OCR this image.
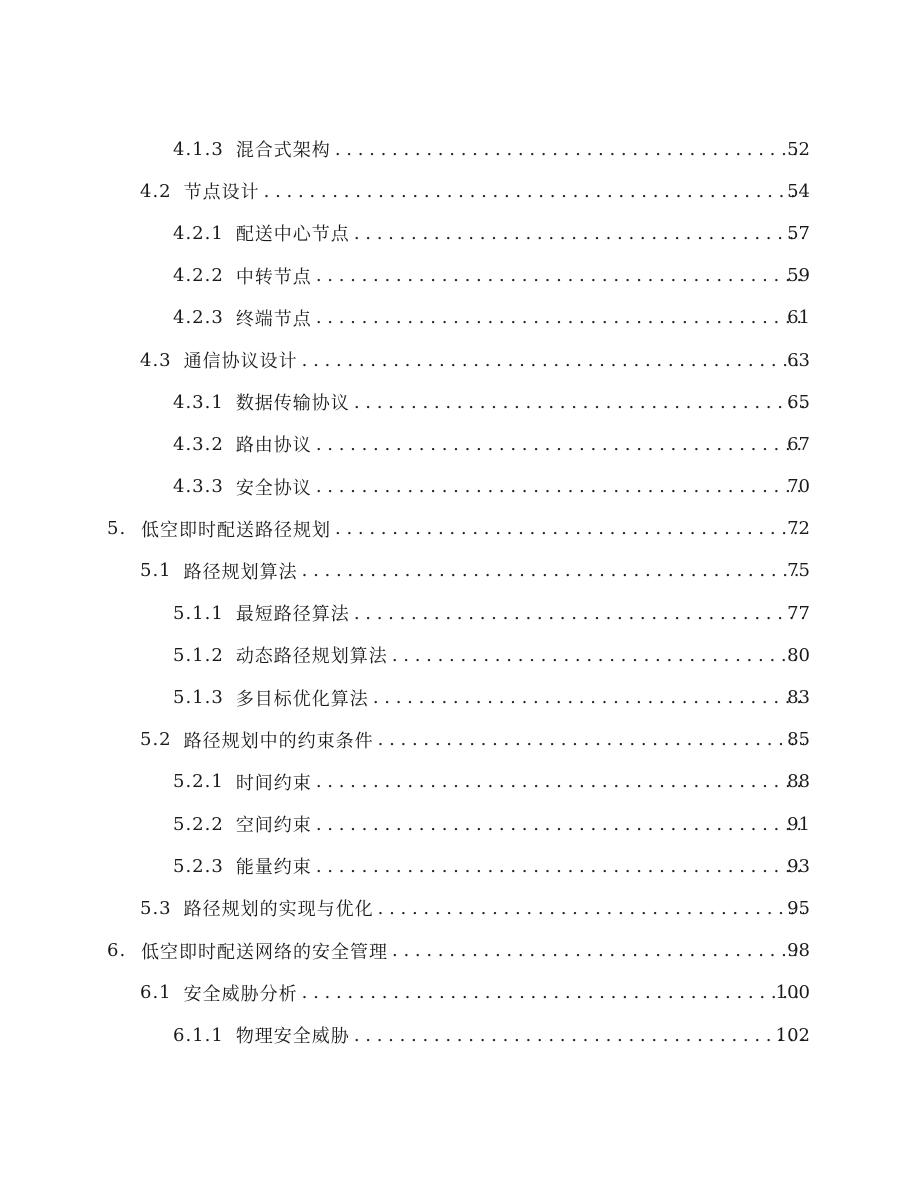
4.1.3 混合式架构 . . .	52
4.2 节点设计 . . .	54
4.2.1 配送中心节点 . . .	57
4.2.2 中转节点 . . .	59
4.2.3 终端节点 . . .	61
4.3 通信协议设计 . . .	63
4.3.1 数据传输协议 . . .	65
4.3.2 路由协议 . . .	67
4.3.3 安全协议 . . .	70
5. 低空即时配送路径规划 . . .	72
5.1 路径规划算法 . . .	75
5.1.1 最短路径算法 . . .	77
5.1.2 动态路径规划算法 . . .	80
5.1.3 多目标优化算法 . . .	83
5.2 路径规划中的约束条件 . . .	85
5.2.1 时间约束 . . .	88
5.2.2 空间约束 . . .	91
5.2.3 能量约束 . . .	93
5.3 路径规划的实现与优化 . . .	95
6. 低空即时配送网络的安全管理 . . .	98
6.1 安全威胁分析 . . .	100
6.1.1 物理安全威胁 . . .	102
